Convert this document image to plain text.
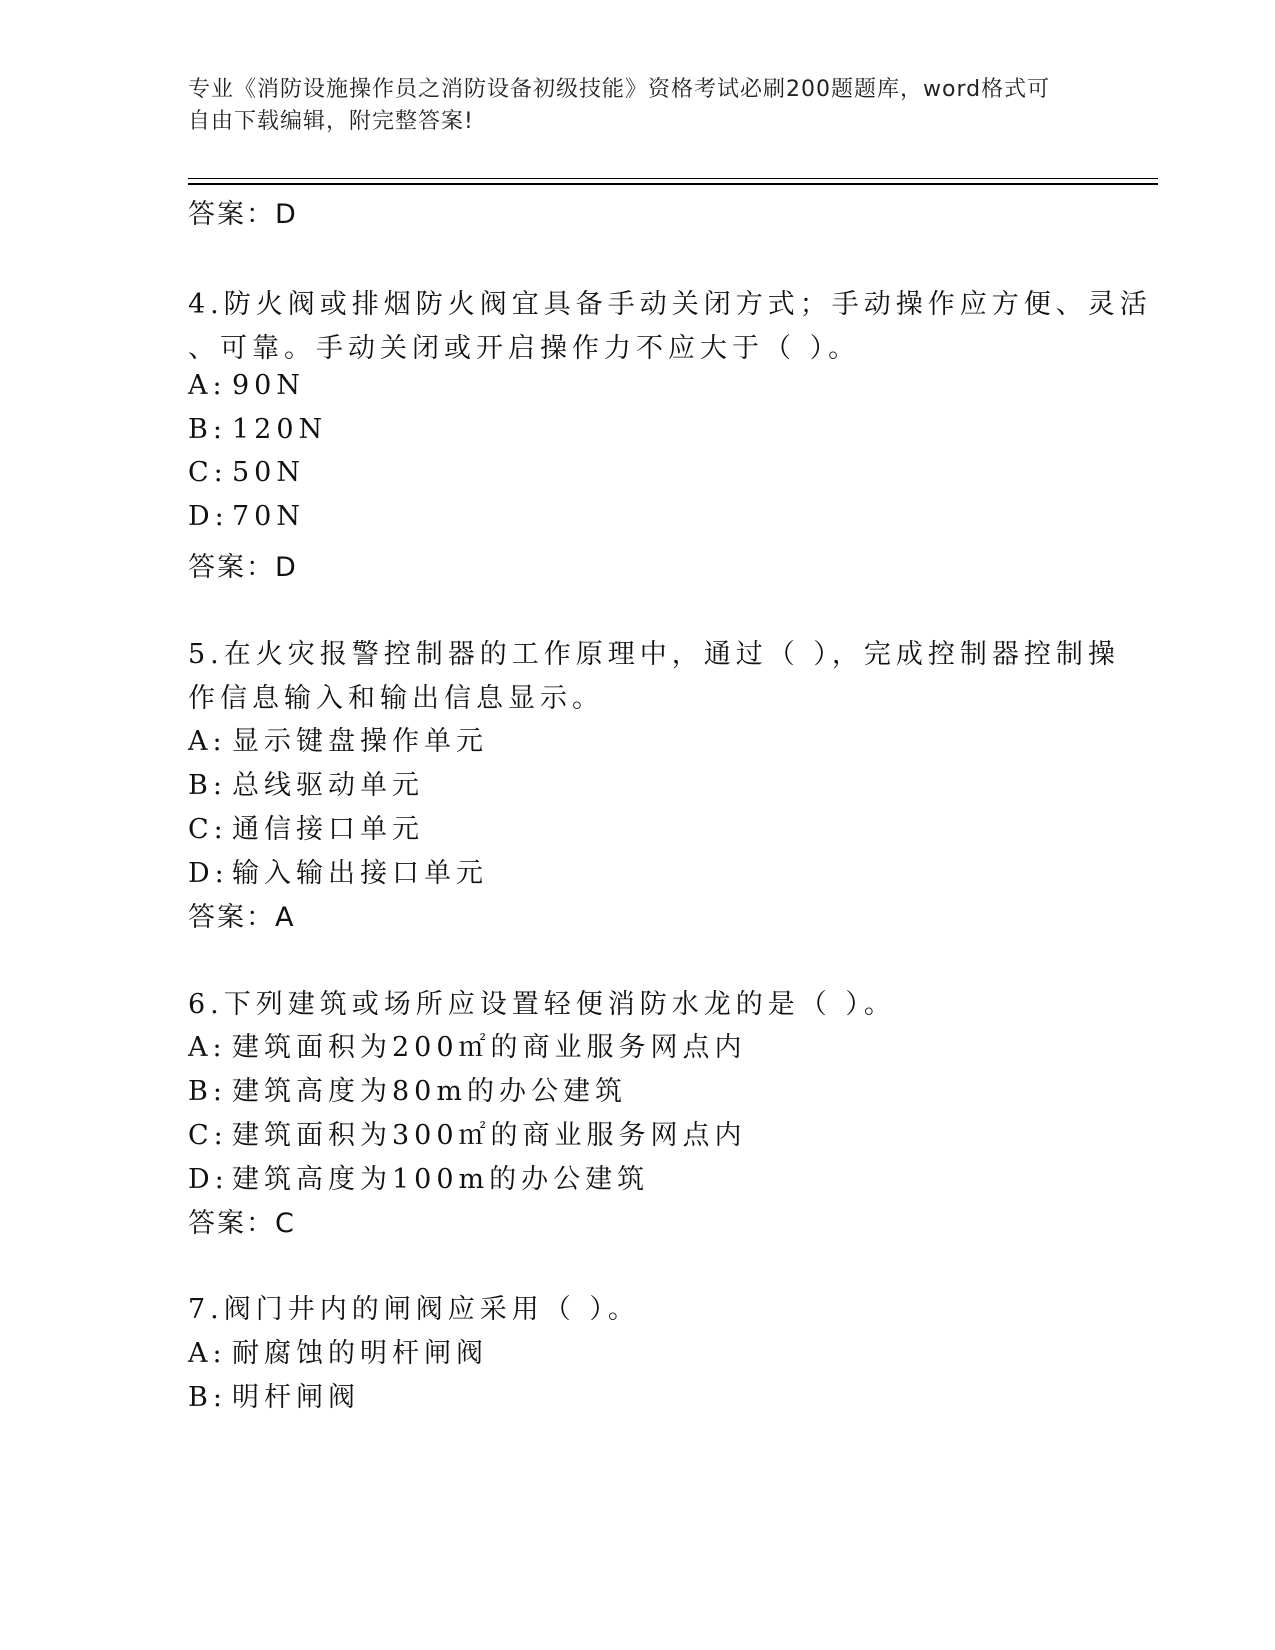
专业《消防设施操作员之消防设备初级技能》资格考试必刷200题题库，word格式可自由下载编辑，附完整答案!
答案：D
4.防火阀或排烟防火阀宜具备手动关闭方式；手动操作应方便、灵活
、可靠。手动关闭或开启操作力不应大于（ ）。
A: 90N
B: 120N
C: 50N
D: 70N
答案：D
5.在火灾报警控制器的工作原理中，通过（ ），完成控制器控制操
作信息输入和输出信息显示。
A: 显示键盘操作单元
B: 总线驱动单元
C: 通信接口单元
D: 输入输出接口单元
答案：A
6.下列建筑或场所应设置轻便消防水龙的是（ ）。
A: 建筑面积为200㎡的商业服务网点内
B: 建筑高度为80m的办公建筑
C: 建筑面积为300㎡的商业服务网点内
D: 建筑高度为100m的办公建筑
答案：C
7.阀门井内的闸阀应采用（ ）。
A: 耐腐蚀的明杆闸阀
B: 明杆闸阀
